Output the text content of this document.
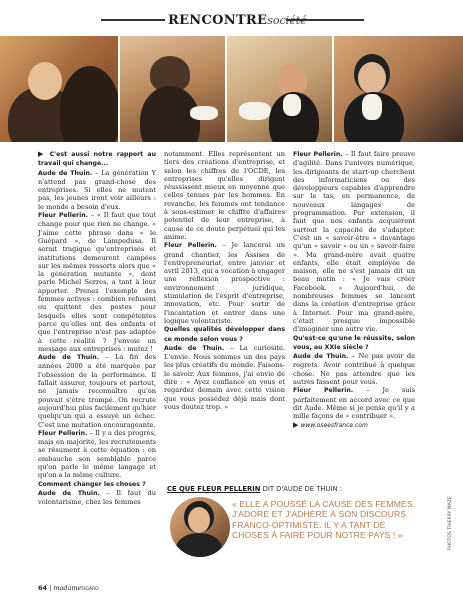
RENCONTREsociété

▶ C'est aussi notre rapport au travail qui change...

Aude de Thuin. – La génération Y n'attend pas grand-chose des entreprises. Si elles ne mutent pas, les jeunes iront voir ailleurs : le monde a besoin d'eux.

Fleur Pellerin. – « Il faut que tout change pour que rien ne change. » J'aime cette phrase dans « le Guépard », de Lampedusa. Il serait tragique qu'entreprises et institutions demeurent campées sur les mêmes ressorts alors que « la génération mutante », dont parle Michel Serres, a tant à leur apporter. Prenez l'exemple des femmes actives : combien refusent ou quittent des postes pour lesquels elles sont compétentes parce qu'elles ont des enfants et que l'entreprise n'est pas adaptée à cette réalité ? J'envoie un message aux entreprises : mutez !

Aude de Thuin. – La fin des années 2000 a été marquée par l'obsession de la performance. Il fallait assurer, toujours et partout, ne jamais reconnaître qu'on pouvait s'être trompé. On recrute aujourd'hui plus facilement qu'hier quelqu'un qui a essuyé un échec. C'est une mutation encourageante.

Fleur Pellerin. – Il y a des progrès, mais en majorité, les recrutements se résument à cette équation : on embauche son semblable parce qu'on parle le même langage et qu'on a la même culture.

Comment changer les choses ?

Aude de Thuin. – Il faut du volontarisme, chez les femmes

notamment. Elles représentent un tiers des créations d'entreprise, et selon les chiffres de l'OCDE, les entreprises qu'elles dirigent réussissent mieux en moyenne que celles tenues par les hommes. En revanche, les femmes ont tendance à sous-estimer le chiffre d'affaires potentiel de leur entreprise, à cause de ce doute perpétuel qui les anime.

Fleur Pellerin. – Je lancerai un grand chantier, les Assises de l'entrepreneuriat, entre janvier et avril 2013, qui a vocation à engager une réflexion prospective : environnement juridique, stimulation de l'esprit d'entreprise, innovation, etc. Pour sortir de l'incantation et entrer dans une logique volontariste.

Quelles qualités développer dans ce monde selon vous ?

Aude de Thuin. – La curiosité. L'envie. Nous sommes un des pays les plus créatifs du monde. Faisons-le savoir. Aux femmes, j'ai envie de dire : « Ayez confiance en vous et regardez demain avec cette vision que vous possédez déjà mais dont vous doutez trop. »

Fleur Pellerin. – Il faut faire preuve d'agilité. Dans l'univers numérique, les dirigeants de start-up cherchent des informaticiens ou des développeurs capables d'apprendre sur le tas, en permanence, de nouveaux langages de programmation. Par extension, il faut que nos enfants acquièrent surtout la capacité de s'adapter. C'est un « savoir-être » davantage qu'un « savoir » ou un « savoir-faire ». Ma grand-mère avait quatre enfants, elle était employée de maison, elle ne s'est jamais dit un beau matin : « Je vais créer Facebook. » Aujourd'hui, de nombreuses femmes se lancent dans la création d'entreprise grâce à Internet. Pour ma grand-mère, c'était presque impossible d'imaginer une autre vie.

Qu'est-ce qu'une le réussite, selon vous, au XXIe siècle ?

Aude de Thuin. – Ne pas avoir de regrets. Avoir contribué à quelque chose. Ne pas attendre que les autres fassent pour vous.

Fleur Pellerin. – Je suis parfaitement en accord avec ce que dit Aude. Même si je pense qu'il y a mille façons de « contribuer ».

▶ www.oseesfrance.com

CE QUE FLEUR PELLERIN DIT D'AUDE DE THUIN :
« ELLE A POUSSÉ LA CAUSE DES FEMMES. J'ADORE ET J'ADHÈRE À SON DISCOURS FRANCO-OPTIMISTE. IL Y A TANT DE CHOSES À FAIRE POUR NOTRE PAYS ! »	PHOTOS THIERRY MAZE
64 | madameFIGARO
